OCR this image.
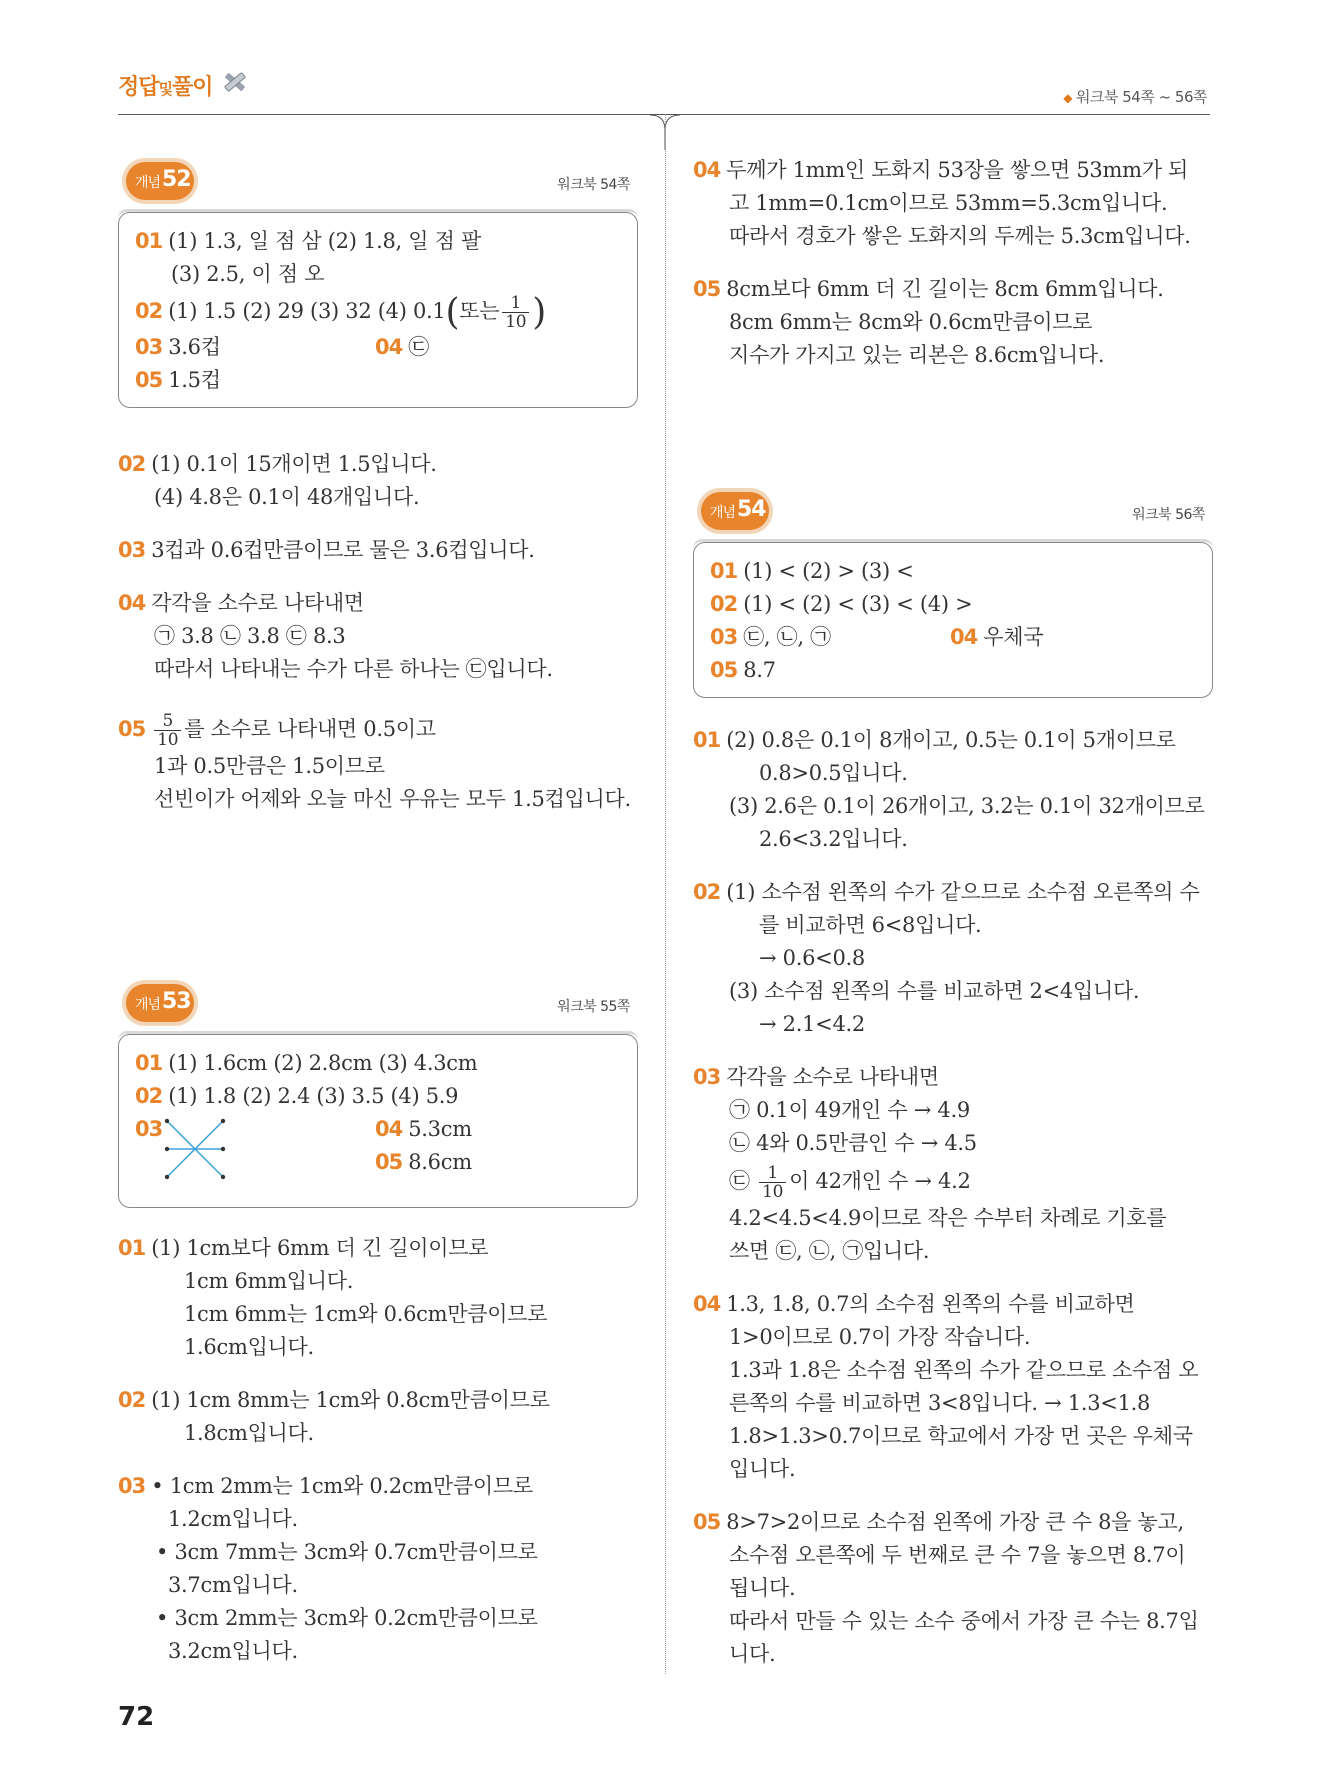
정답및풀이	◆ 워크북 54쪽 ~ 56쪽
개념 52	워크북 54쪽
01 (1) 1.3, 일 점 삼 (2) 1.8, 일 점 팔
(3) 2.5, 이 점 오
02 (1) 1.5 (2) 29 (3) 32 (4) 0.1(또는 $\frac{1}{10}$ )
03 3.6컵	04 ㉢
05 1.5컵
02 (1) 0.1이 15개이면 1.5입니다.
(4) 4.8은 0.1이 48개입니다.
03 3컵과 0.6컵만큼이므로 물은 3.6컵입니다.
04 각각을 소수로 나타내면
㉠ 3.8 ㉡ 3.8 ㉢ 8.3
따라서 나타내는 수가 다른 하나는 ㉢입니다.
$05 \frac{5}{10}$ 를 소수로 나타내면 0.5이고
1과 0.5만큼은 1.5이므로
선빈이가 어제와 오늘 마신 우유는 모두 1.5컵입니다.
개념 53	워크북 55쪽
01 (1) 1.6cm (2) 2.8cm (3) 4.3cm
02 (1) 1.8 (2) 2.4 (3) 3.5 (4) 5.9
03	04 5.3cm
05 8.6cm
01 (1) 1cm보다 6mm 더 긴 길이이므로
1cm 6mm입니다.
1cm 6mm는 1cm와 0.6cm만큼이므로
1.6cm입니다.
02 (1) 1cm 8mm는 1cm와 0.8cm만큼이므로
1.8cm입니다.
03 • 1cm 2mm는 1cm와 0.2cm만큼이므로
1.2cm입니다.
• 3cm 7mm는 3cm와 0.7cm만큼이므로
3.7cm입니다.
• 3cm 2mm는 3cm와 0.2cm만큼이므로
3.2cm입니다.
04 두께가 1mm인 도화지 53장을 쌓으면 53mm가 되
고 1mm=0.1cm이므로 53mm=5.3cm입니다.
따라서 경호가 쌓은 도화지의 두께는 5.3cm입니다.
05 8cm보다 6mm 더 긴 길이는 8cm 6mm입니다.
8cm 6mm는 8cm와 0.6cm만큼이므로
지수가 가지고 있는 리본은 8.6cm입니다.
개념 54	워크북 56쪽
01 (1) < (2) > (3) <
02 (1) < (2) < (3) < (4) >
03 ㉢, ㉡, ㉠	04 우체국
05 8.7
01 (2) 0.8은 0.1이 8개이고, 0.5는 0.1이 5개이므로
0.8>0.5입니다.
(3) 2.6은 0.1이 26개이고, 3.2는 0.1이 32개이므로
2.6<3.2입니다.
02 (1) 소수점 왼쪽의 수가 같으므로 소수점 오른쪽의 수
를 비교하면 6<8입니다.
→ 0.6<0.8
(3) 소수점 왼쪽의 수를 비교하면 2<4입니다.
→ 2.1<4.2
03 각각을 소수로 나타내면
㉠ 0.1이 49개인 수 → 4.9
㉡ 4와 0.5만큼인 수 → 4.5
㉢ $\frac{1}{10}$ 이 42개인 수 → 4.2
4.2<4.5<4.9이므로 작은 수부터 차례로 기호를
쓰면 ㉢, ㉡, ㉠입니다.
04 1.3, 1.8, 0.7의 소수점 왼쪽의 수를 비교하면
1>0이므로 0.7이 가장 작습니다.
1.3과 1.8은 소수점 왼쪽의 수가 같으므로 소수점 오
른쪽의 수를 비교하면 3<8입니다. → 1.3<1.8
1.8>1.3>0.7이므로 학교에서 가장 먼 곳은 우체국
입니다.
05 8>7>2이므로 소수점 왼쪽에 가장 큰 수 8을 놓고,
소수점 오른쪽에 두 번째로 큰 수 7을 놓으면 8.7이
됩니다.
따라서 만들 수 있는 소수 중에서 가장 큰 수는 8.7입
니다.
72
